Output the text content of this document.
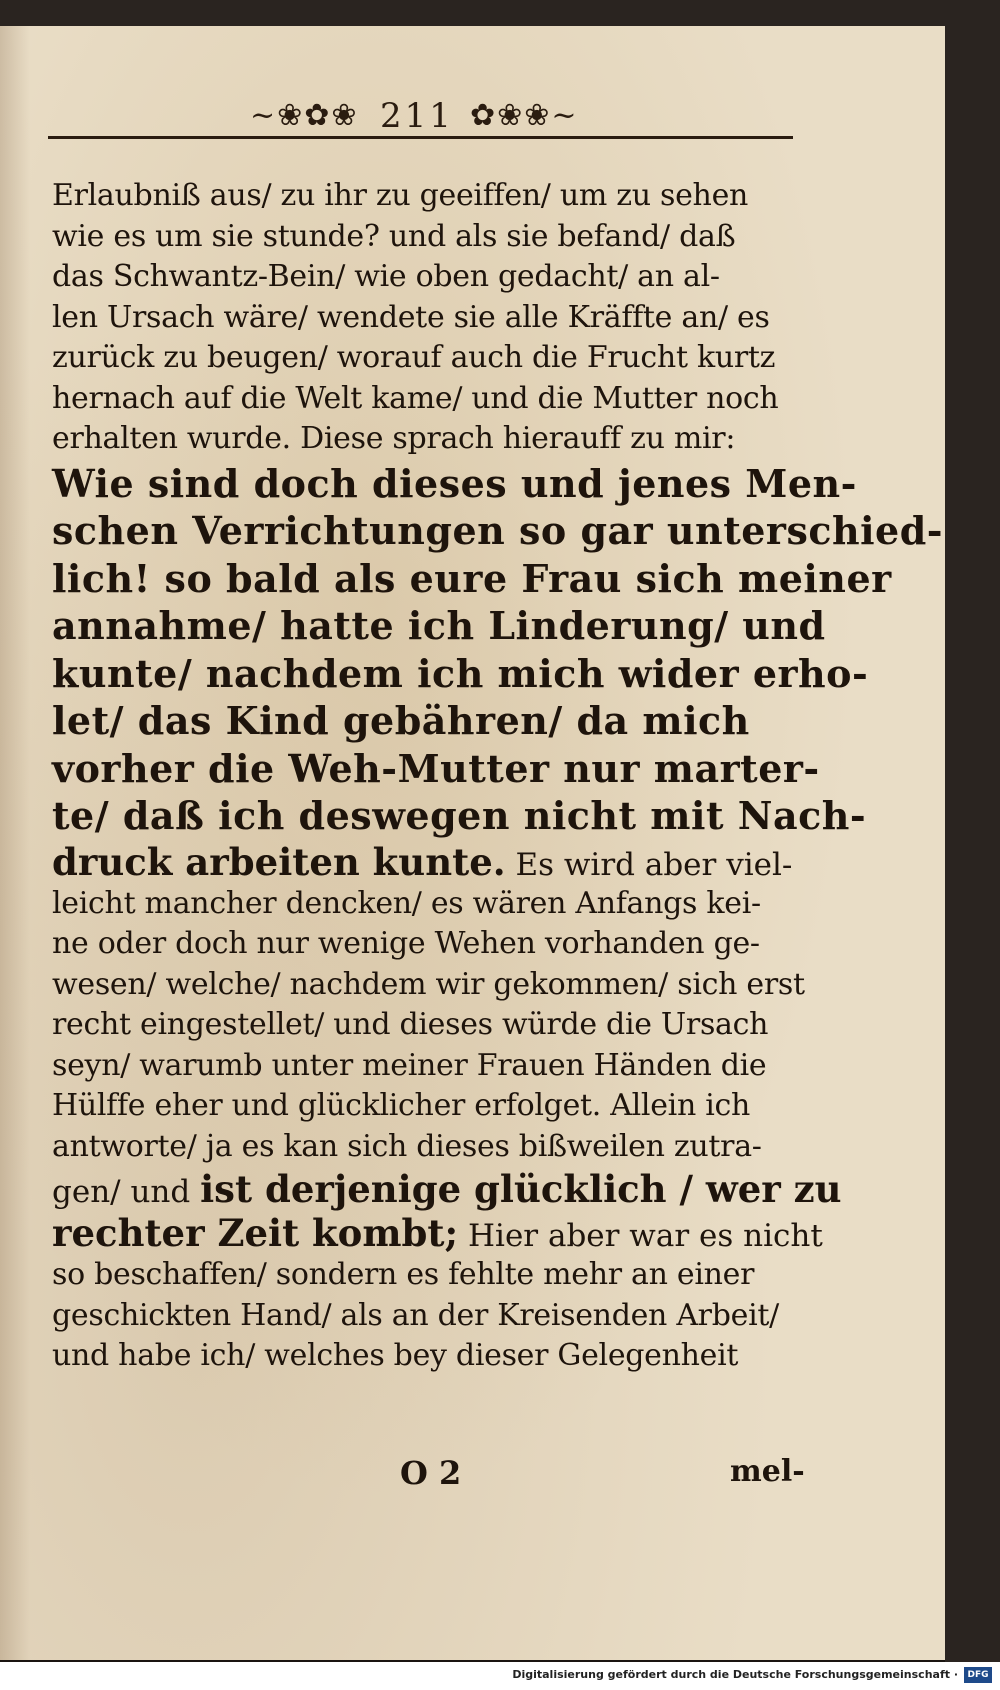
~❀✿❀ 211 ✿❀❀~
Erlaubniß aus/ zu ihr zu geeiffen/ um zu sehen
wie es um sie stunde? und als sie befand/ daß
das Schwantz-Bein/ wie oben gedacht/ an al-
len Ursach wäre/ wendete sie alle Kräffte an/ es
zurück zu beugen/ worauf auch die Frucht kurtz
hernach auf die Welt kame/ und die Mutter noch
erhalten wurde. Diese sprach hierauff zu mir:
Wie sind doch dieses und jenes Men-
schen Verrichtungen so gar unterschied-
lich! so bald als eure Frau sich meiner
annahme/ hatte ich Linderung/ und
kunte/ nachdem ich mich wider erho-
let/ das Kind gebähren/ da mich
vorher die Weh-Mutter nur marter-
te/ daß ich deswegen nicht mit Nach-
druck arbeiten kunte. Es wird aber viel-
leicht mancher dencken/ es wären Anfangs kei-
ne oder doch nur wenige Wehen vorhanden ge-
wesen/ welche/ nachdem wir gekommen/ sich erst
recht eingestellet/ und dieses würde die Ursach
seyn/ warumb unter meiner Frauen Händen die
Hülffe eher und glücklicher erfolget. Allein ich
antworte/ ja es kan sich dieses bißweilen zutra-
gen/ und ist derjenige glücklich / wer zu
rechter Zeit kombt; Hier aber war es nicht
so beschaffen/ sondern es fehlte mehr an einer
geschickten Hand/ als an der Kreisenden Arbeit/
und habe ich/ welches bey dieser Gelegenheit
O 2	mel-
Digitalisierung gefördert durch die Deutsche Forschungsgemeinschaft ·	DFG
